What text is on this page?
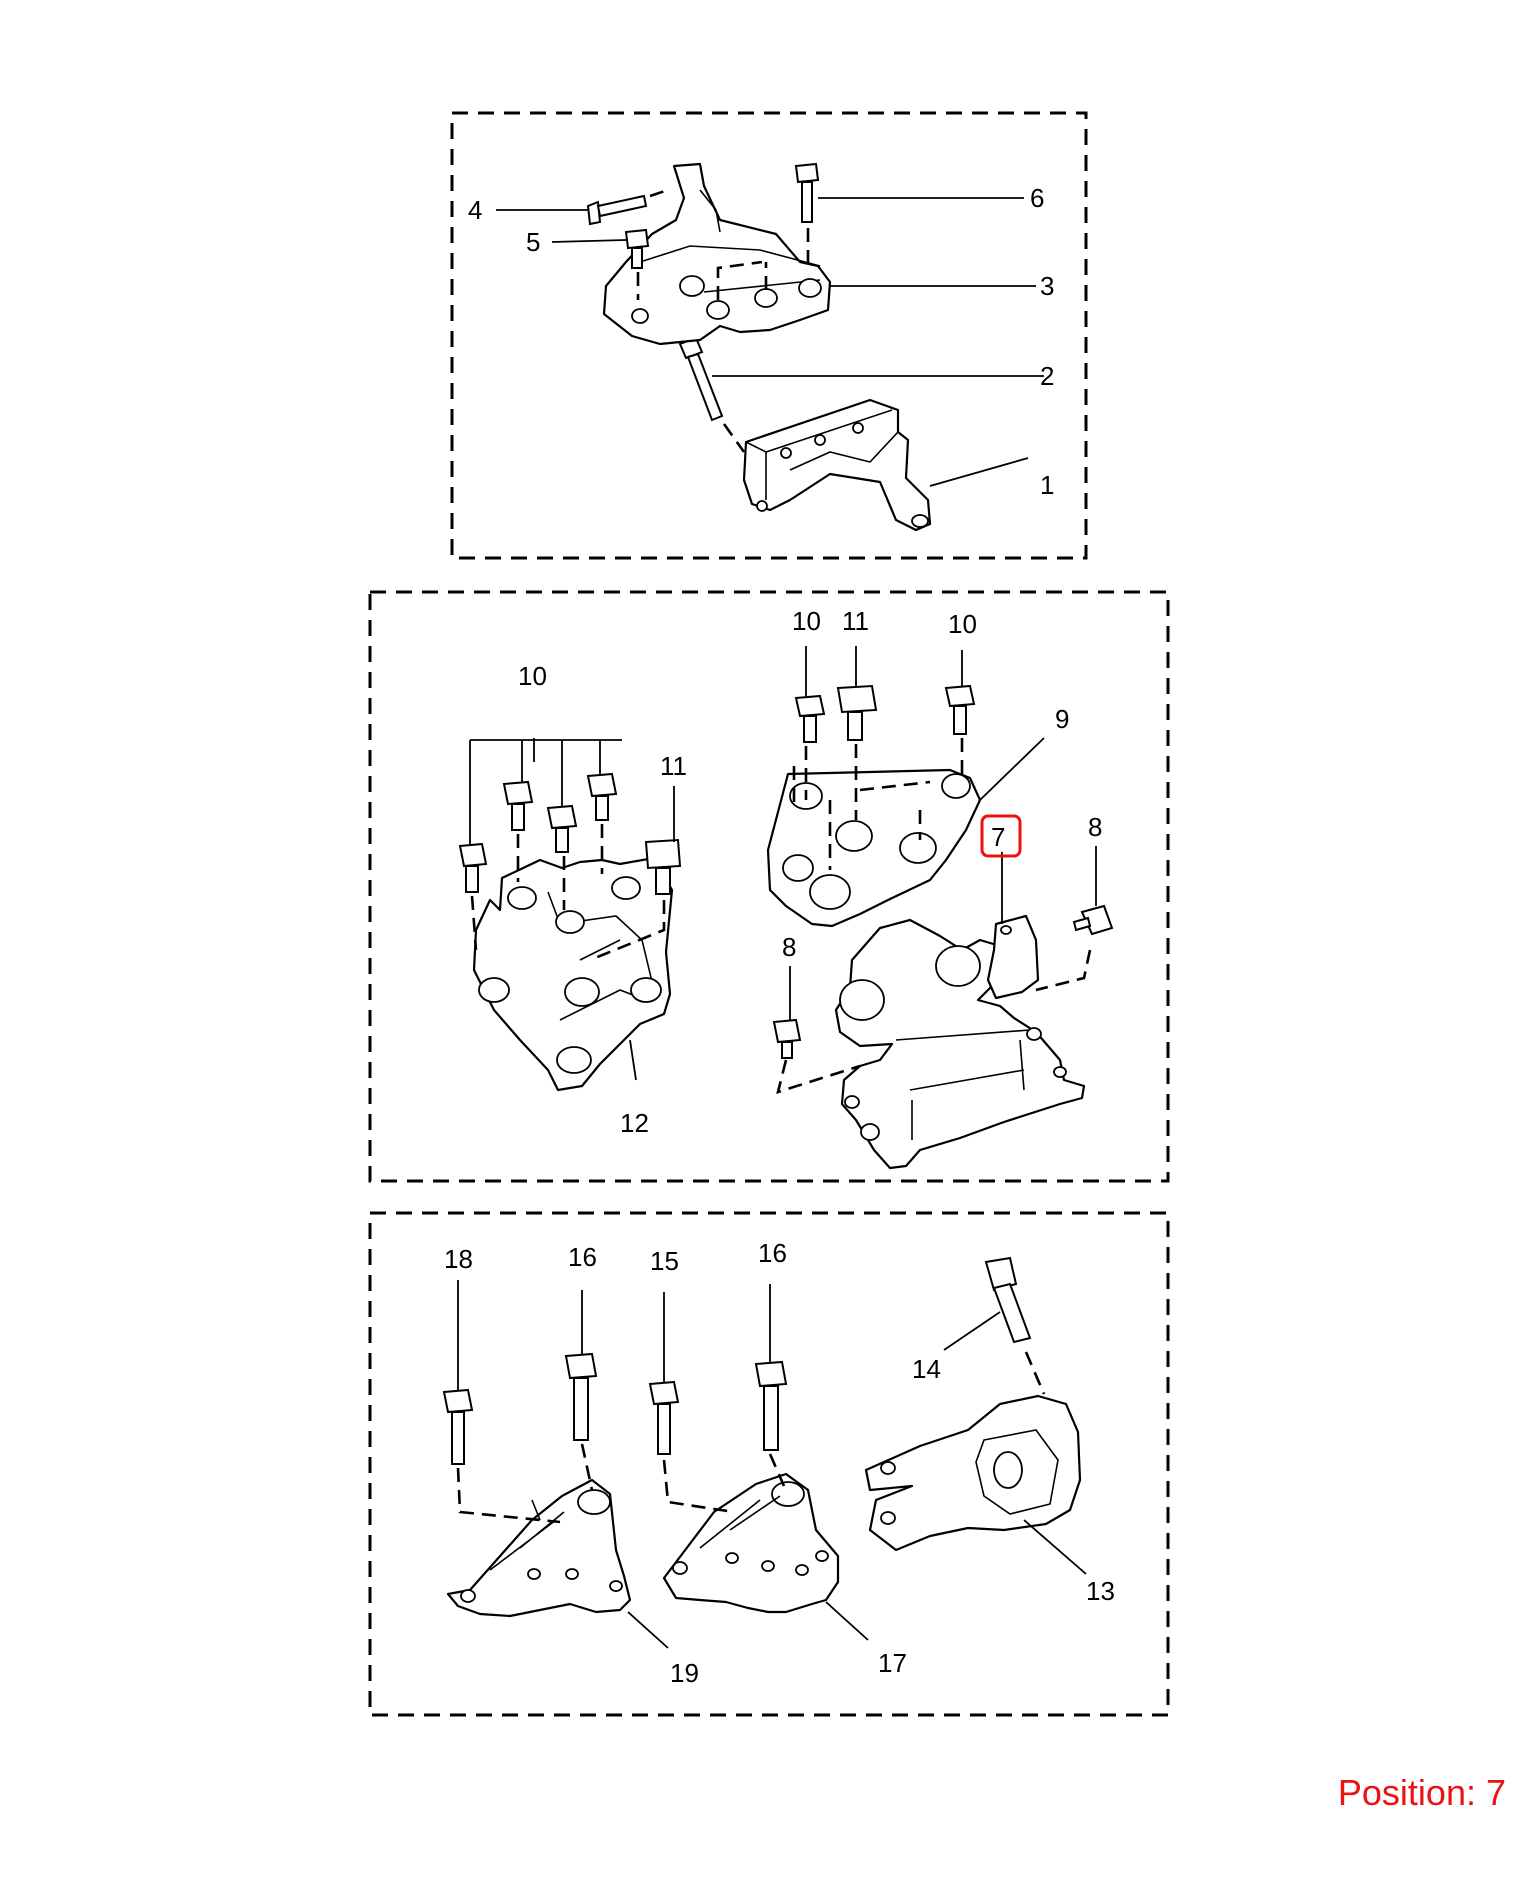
1
2
3
4
5
6
10
11
12
10 11	10
9
7	8
8
18	16 15	16
14
13
19	17
Position: 7
